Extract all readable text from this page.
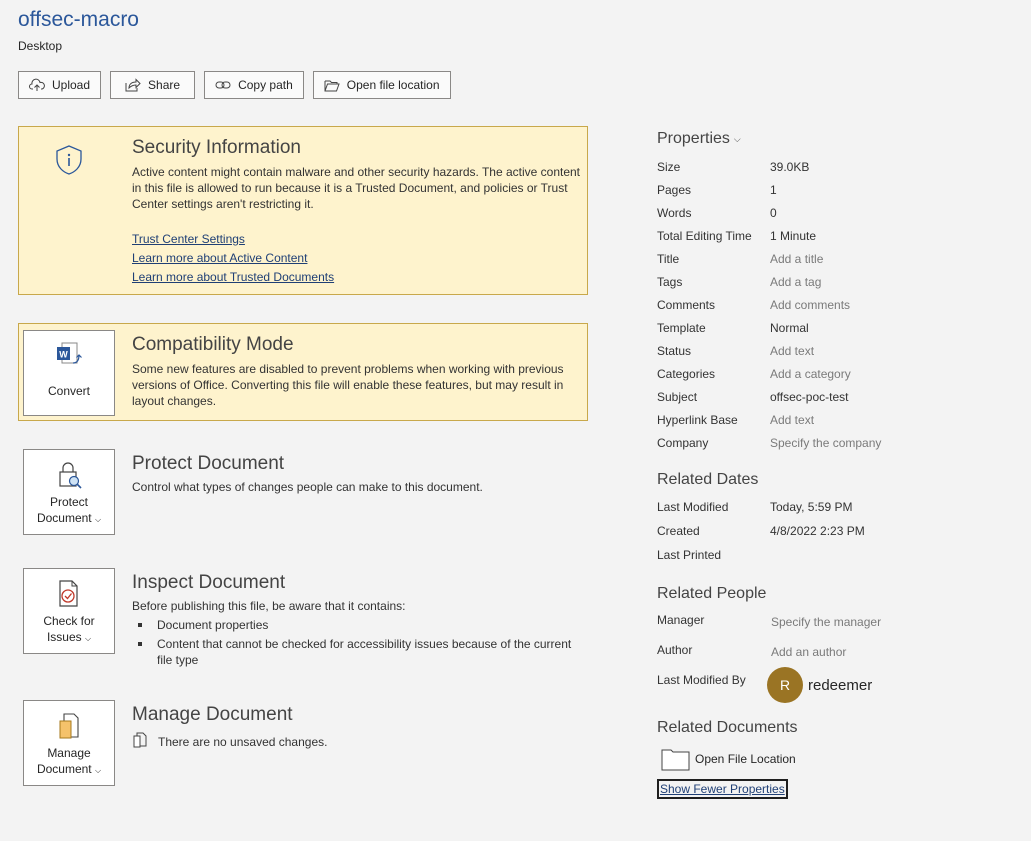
offsec-macro
Desktop
Upload	Share	Copy path	Open file location
Security Information
Active content might contain malware and other security hazards. The active content in this file is allowed to run because it is a Trusted Document, and policies or Trust Center settings aren't restricting it.
Trust Center Settings
Learn more about Active Content
Learn more about Trusted Documents
W
Convert
Compatibility Mode
Some new features are disabled to prevent problems when working with previous versions of Office. Converting this file will enable these features, but may result in layout changes.
Protect
Document ⌵
Protect Document
Control what types of changes people can make to this document.
Check for
Issues ⌵
Inspect Document
Before publishing this file, be aware that it contains:
Document properties
Content that cannot be checked for accessibility issues because of the current file type
Manage
Document ⌵
Manage Document
There are no unsaved changes.
Properties ⌵
Size	39.0KB
Pages	1
Words	0
Total Editing Time	1 Minute
Title	Add a title
Tags	Add a tag
Comments	Add comments
Template	Normal
Status	Add text
Categories	Add a category
Subject	offsec-poc-test
Hyperlink Base	Add text
Company	Specify the company
Related Dates
Last Modified	Today, 5:59 PM
Created	4/8/2022 2:23 PM
Last Printed
Related People
Manager	Specify the manager
Author	Add an author
Last Modified By	R	redeemer
Related Documents
Open File Location
Show Fewer Properties
